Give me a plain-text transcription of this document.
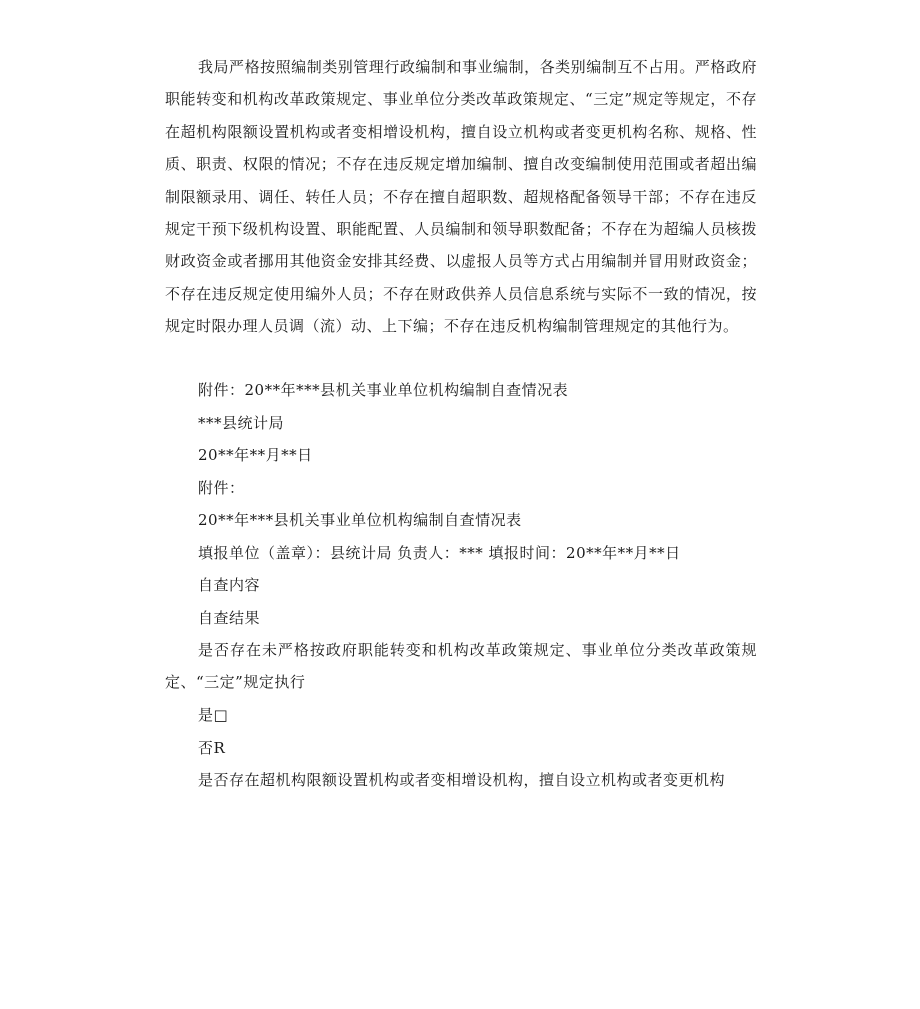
我局严格按照编制类别管理行政编制和事业编制，各类别编制互不占用。严格政府职能转变和机构改革政策规定、事业单位分类改革政策规定、“三定”规定等规定，不存在超机构限额设置机构或者变相增设机构，擅自设立机构或者变更机构名称、规格、性质、职责、权限的情况；不存在违反规定增加编制、擅自改变编制使用范围或者超出编制限额录用、调任、转任人员；不存在擅自超职数、超规格配备领导干部；不存在违反规定干预下级机构设置、职能配置、人员编制和领导职数配备；不存在为超编人员核拨财政资金或者挪用其他资金安排其经费、以虚报人员等方式占用编制并冒用财政资金；不存在违反规定使用编外人员；不存在财政供养人员信息系统与实际不一致的情况，按规定时限办理人员调（流）动、上下编；不存在违反机构编制管理规定的其他行为。

附件：20**年***县机关事业单位机构编制自查情况表

***县统计局

20**年**月**日

附件：

20**年***县机关事业单位机构编制自查情况表

填报单位（盖章）：县统计局 负责人：*** 填报时间：20**年**月**日

自查内容

自查结果

是否存在未严格按政府职能转变和机构改革政策规定、事业单位分类改革政策规定、“三定”规定执行

是□

否R

是否存在超机构限额设置机构或者变相增设机构，擅自设立机构或者变更机构
